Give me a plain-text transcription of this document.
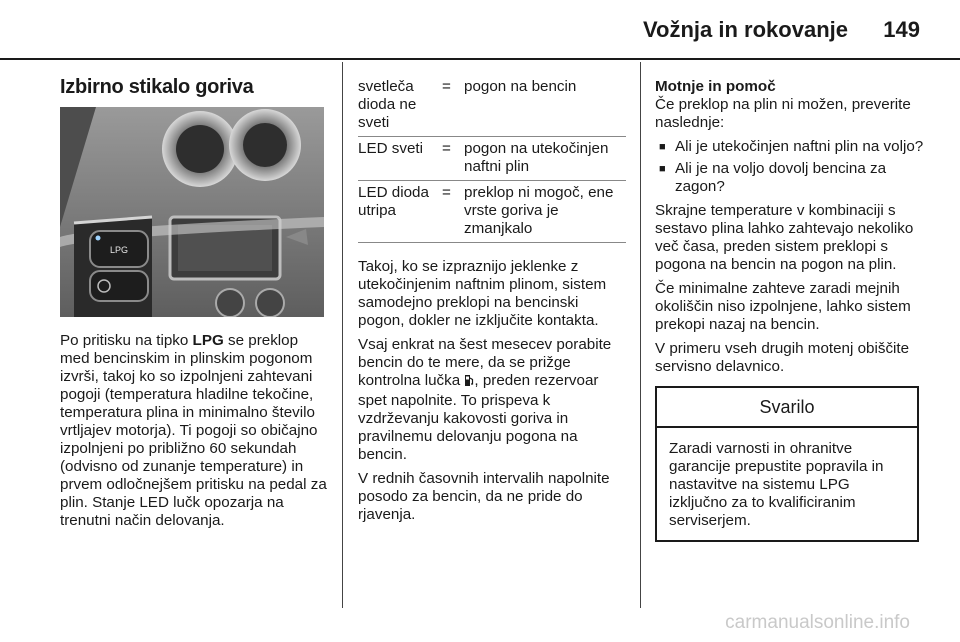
Vožnja in rokovanje 149
Izbirno stikalo goriva
LPG
Po pritisku na tipko LPG se preklop med bencinskim in plinskim pogonom izvrši, takoj ko so izpolnjeni zahtevani pogoji (temperatura hladilne tekočine, temperatura plina in minimalno število vrtljajev motorja). Ti pogoji so običajno izpolnjeni po približno 60 sekundah (odvisno od zunanje temperature) in prvem odločnejšem pritisku na pedal za plin. Stanje LED lučk opozarja na trenutni način delovanja.
svetleča dioda ne sveti
= pogon na bencin
LED sveti	= pogon na utekočinjen naftni plin
LED dioda utripa
= preklop ni mogoč, ene vrste goriva je zmanjkalo

Takoj, ko se izpraznijo jeklenke z utekočinjenim naftnim plinom, sistem samodejno preklopi na bencinski pogon, dokler ne izključite kontakta.

Vsaj enkrat na šest mesecev porabite bencin do te mere, da se prižge kontrolna lučka , preden rezervoar spet napolnite. To prispeva k vzdrževanju kakovosti goriva in pravilnemu delovanju pogona na bencin.

V rednih časovnih intervalih napolnite posodo za bencin, da ne pride do rjavenja.

Motnje in pomoč

Če preklop na plin ni možen, preverite naslednje:

■ Ali je utekočinjen naftni plin na voljo?
■ Ali je na voljo dovolj bencina za zagon?

Skrajne temperature v kombinaciji s sestavo plina lahko zahtevajo nekoliko več časa, preden sistem preklopi s pogona na bencin na pogon na plin.

Če minimalne zahteve zaradi mejnih okoliščin niso izpolnjene, lahko sistem prekopi nazaj na bencin.

V primeru vseh drugih motenj obiščite servisno delavnico.

Svarilo
Zaradi varnosti in ohranitve garancije prepustite popravila in nastavitve na sistemu LPG izključno za to kvalificiranim serviserjem.
carmanualsonline.info
